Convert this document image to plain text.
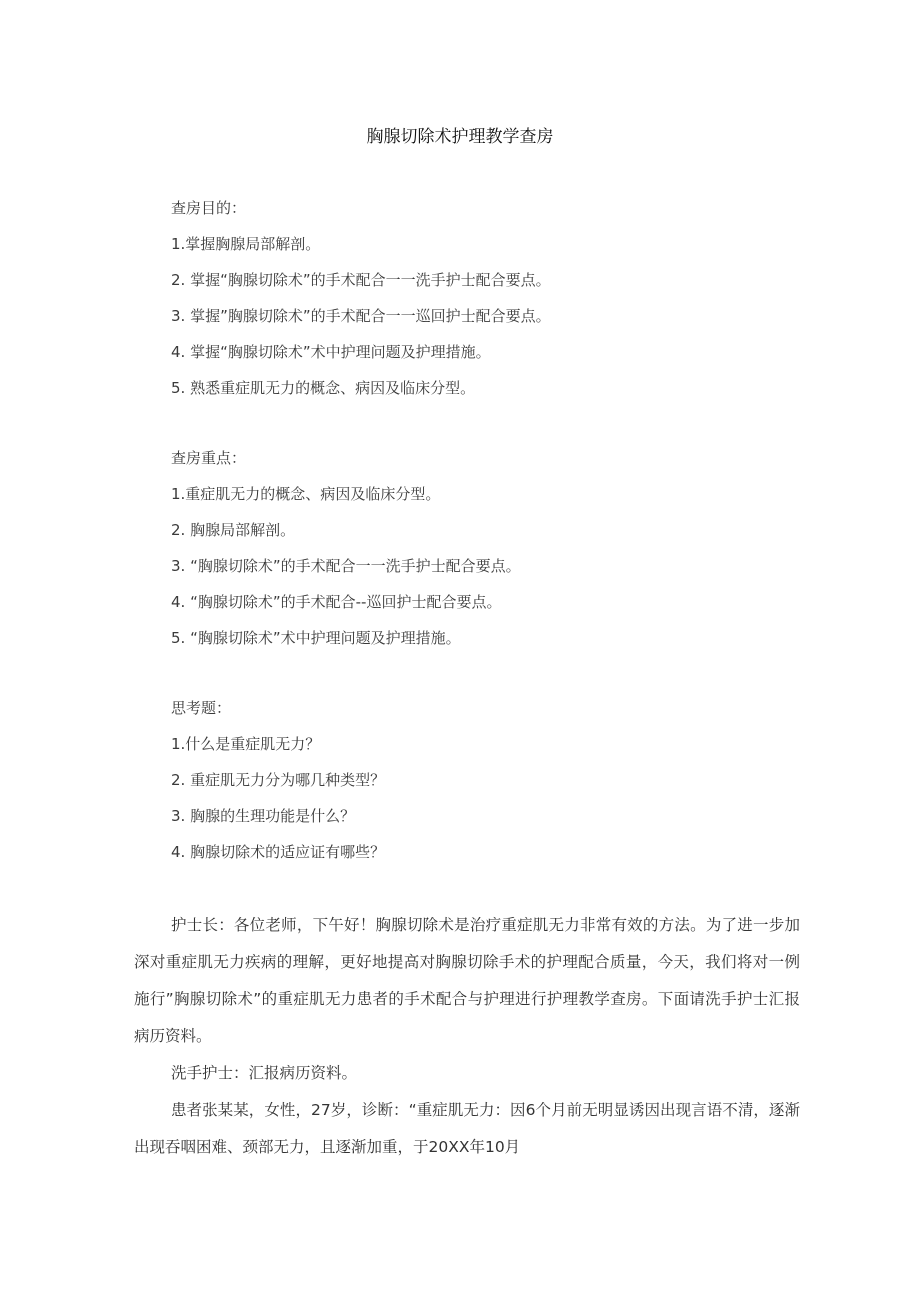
胸腺切除术护理教学查房
查房目的：
1.掌握胸腺局部解剖。
2. 掌握“胸腺切除术”的手术配合一一洗手护士配合要点。
3. 掌握”胸腺切除术”的手术配合一一巡回护士配合要点。
4. 掌握“胸腺切除术”术中护理问题及护理措施。
5. 熟悉重症肌无力的概念、病因及临床分型。
查房重点：
1.重症肌无力的概念、病因及临床分型。
2. 胸腺局部解剖。
3. “胸腺切除术”的手术配合一一洗手护士配合要点。
4. “胸腺切除术”的手术配合--巡回护士配合要点。
5. “胸腺切除术”术中护理问题及护理措施。
思考题：
1.什么是重症肌无力？
2. 重症肌无力分为哪几种类型？
3. 胸腺的生理功能是什么？
4. 胸腺切除术的适应证有哪些？

护士长：各位老师，下午好！胸腺切除术是治疗重症肌无力非常有效的方法。为了进一步加深对重症肌无力疾病的理解，更好地提高对胸腺切除手术的护理配合质量，今天，我们将对一例施行”胸腺切除术”的重症肌无力患者的手术配合与护理进行护理教学查房。下面请洗手护士汇报病历资料。

洗手护士：汇报病历资料。

患者张某某，女性，27岁，诊断：“重症肌无力：因6个月前无明显诱因出现言语不清，逐渐出现吞咽困难、颈部无力，且逐渐加重，于20XX年10月
